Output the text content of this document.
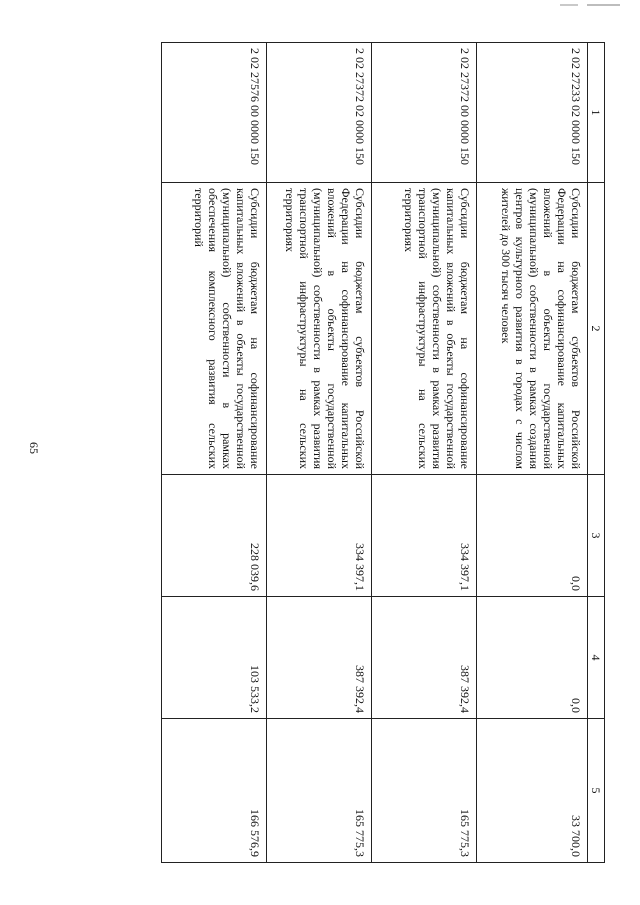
65
1	2	3	4	5
2 02 27233 02 0000 150	Субсидии бюджетам субъектов Российской Федерации на софинансирование капитальных вложений в объекты государственной (муниципальной) собственности в рамках создания центров культурного развития в городах с числом жителей до 300 тысяч человек	0,0	0,0	33 700,0
2 02 27372 00 0000 150	Субсидии бюджетам на софинансирование капитальных вложений в объекты государственной (муниципальной) собственности в рамках развития транспортной инфраструктуры на сельских территориях	334 397,1	387 392,4	165 775,3
2 02 27372 02 0000 150	Субсидии бюджетам субъектов Российской Федерации на софинансирование капитальных вложений в объекты государственной (муниципальной) собственности в рамках развития транспортной инфраструктуры на сельских территориях	334 397,1	387 392,4	165 775,3
2 02 27576 00 0000 150	Субсидии бюджетам на софинансирование капитальных вложений в объекты государственной (муниципальной) собственности в рамках обеспечения комплексного развития сельских территорий	228 039,6	103 533,2	166 576,9
